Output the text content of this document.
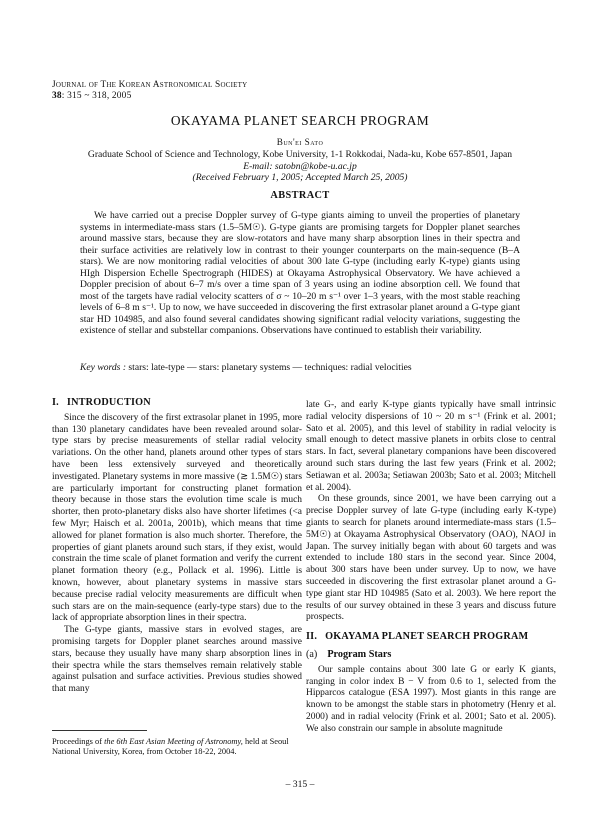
Journal of The Korean Astronomical Society
38: 315 ~ 318, 2005
OKAYAMA PLANET SEARCH PROGRAM
Bun'ei Sato
Graduate School of Science and Technology, Kobe University, 1-1 Rokkodai, Nada-ku, Kobe 657-8501, Japan
E-mail: satobn@kobe-u.ac.jp
(Received February 1, 2005; Accepted March 25, 2005)
ABSTRACT

We have carried out a precise Doppler survey of G-type giants aiming to unveil the properties of planetary systems in intermediate-mass stars (1.5–5M☉). G-type giants are promising targets for Doppler planet searches around massive stars, because they are slow-rotators and have many sharp absorption lines in their spectra and their surface activities are relatively low in contrast to their younger counterparts on the main-sequence (B–A stars). We are now monitoring radial velocities of about 300 late G-type (including early K-type) giants using HIgh Dispersion Echelle Spectrograph (HIDES) at Okayama Astrophysical Observatory. We have achieved a Doppler precision of about 6–7 m/s over a time span of 3 years using an iodine absorption cell. We found that most of the targets have radial velocity scatters of σ ~ 10–20 m s⁻¹ over 1–3 years, with the most stable reaching levels of 6–8 m s⁻¹. Up to now, we have succeeded in discovering the first extrasolar planet around a G-type giant star HD 104985, and also found several candidates showing significant radial velocity variations, suggesting the existence of stellar and substellar companions. Observations have continued to establish their variability.

Key words : stars: late-type — stars: planetary systems — techniques: radial velocities

I. INTRODUCTION

Since the discovery of the first extrasolar planet in 1995, more than 130 planetary candidates have been revealed around solar-type stars by precise measurements of stellar radial velocity variations. On the other hand, planets around other types of stars have been less extensively surveyed and theoretically investigated. Planetary systems in more massive (≳ 1.5M☉) stars are particularly important for constructing planet formation theory because in those stars the evolution time scale is much shorter, then proto-planetary disks also have shorter lifetimes (<a few Myr; Haisch et al. 2001a, 2001b), which means that time allowed for planet formation is also much shorter. Therefore, the properties of giant planets around such stars, if they exist, would constrain the time scale of planet formation and verify the current planet formation theory (e.g., Pollack et al. 1996). Little is known, however, about planetary systems in massive stars because precise radial velocity measurements are difficult when such stars are on the main-sequence (early-type stars) due to the lack of appropriate absorption lines in their spectra.

The G-type giants, massive stars in evolved stages, are promising targets for Doppler planet searches around massive stars, because they usually have many sharp absorption lines in their spectra while the stars themselves remain relatively stable against pulsation and surface activities. Previous studies showed that many

late G-, and early K-type giants typically have small intrinsic radial velocity dispersions of 10 ~ 20 m s⁻¹ (Frink et al. 2001; Sato et al. 2005), and this level of stability in radial velocity is small enough to detect massive planets in orbits close to central stars. In fact, several planetary companions have been discovered around such stars during the last few years (Frink et al. 2002; Setiawan et al. 2003a; Setiawan 2003b; Sato et al. 2003; Mitchell et al. 2004).

On these grounds, since 2001, we have been carrying out a precise Doppler survey of late G-type (including early K-type) giants to search for planets around intermediate-mass stars (1.5–5M☉) at Okayama Astrophysical Observatory (OAO), NAOJ in Japan. The survey initially began with about 60 targets and was extended to include 180 stars in the second year. Since 2004, about 300 stars have been under survey. Up to now, we have succeeded in discovering the first extrasolar planet around a G-type giant star HD 104985 (Sato et al. 2003). We here report the results of our survey obtained in these 3 years and discuss future prospects.

II. OKAYAMA PLANET SEARCH PROGRAM
(a) Program Stars

Our sample contains about 300 late G or early K giants, ranging in color index B − V from 0.6 to 1, selected from the Hipparcos catalogue (ESA 1997). Most giants in this range are known to be amongst the stable stars in photometry (Henry et al. 2000) and in radial velocity (Frink et al. 2001; Sato et al. 2005). We also constrain our sample in absolute magnitude

Proceedings of the 6th East Asian Meeting of Astronomy, held at Seoul National University, Korea, from October 18-22, 2004.

– 315 –
